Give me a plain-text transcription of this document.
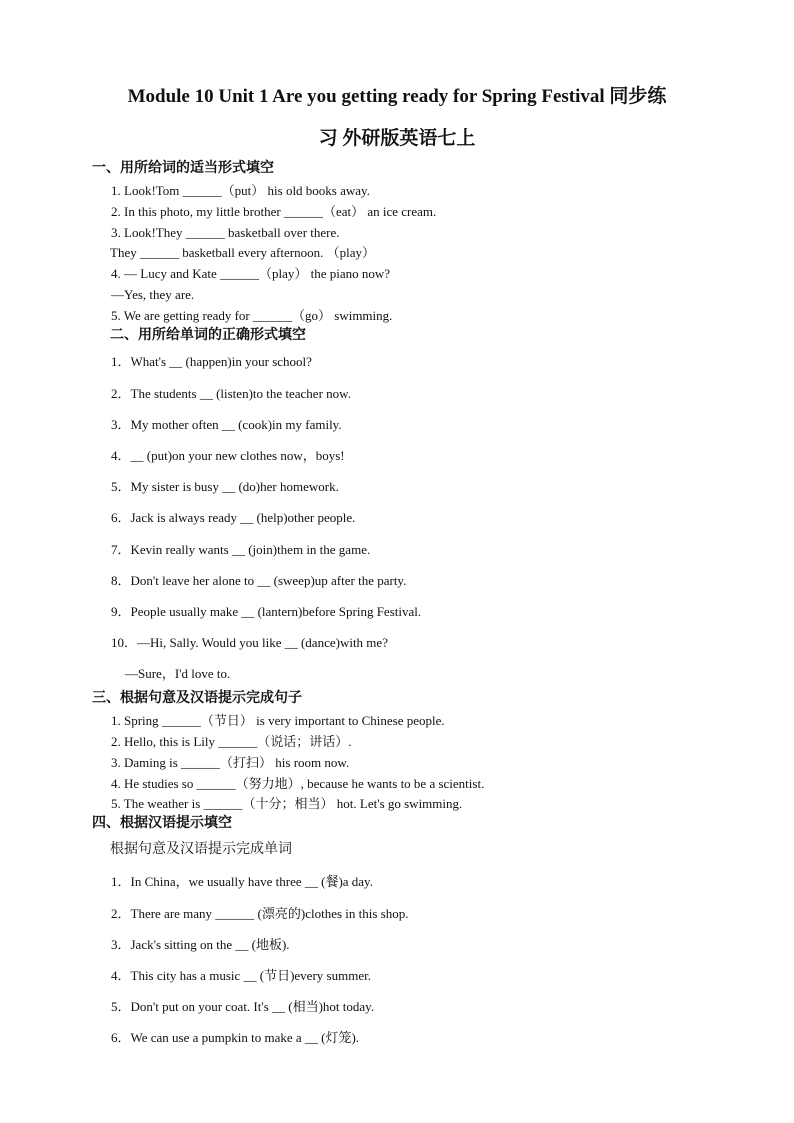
Module 10 Unit 1 Are you getting ready for Spring Festival 同步练
习 外研版英语七上
一、用所给词的适当形式填空
1. Look!Tom ______（put） his old books away.
2. In this photo, my little brother ______（eat） an ice cream.
3. Look!They ______ basketball over there.
They ______ basketball every afternoon. （play）
4. — Lucy and Kate ______（play） the piano now?
—Yes, they are.
5. We are getting ready for ______（go） swimming.
二、用所给单词的正确形式填空
1．What's __ (happen)in your school?
2．The students __ (listen)to the teacher now.
3．My mother often __ (cook)in my family.
4．__ (put)on your new clothes now，boys!
5．My sister is busy __ (do)her homework.
6．Jack is always ready __ (help)other people.
7．Kevin really wants __ (join)them in the game.
8．Don't leave her alone to __ (sweep)up after the party.
9．People usually make __ (lantern)before Spring Festival.
10．—Hi, Sally. Would you like __ (dance)with me?
—Sure，I'd love to.
三、根据句意及汉语提示完成句子
1. Spring ______（节日） is very important to Chinese people.
2. Hello, this is Lily ______（说话；讲话）.
3. Daming is ______（打扫） his room now.
4. He studies so ______（努力地）, because he wants to be a scientist.
5. The weather is ______（十分；相当） hot. Let's go swimming.
四、根据汉语提示填空
根据句意及汉语提示完成单词
1．In China，we usually have three __ (餐)a day.
2．There are many ______ (漂亮的)clothes in this shop.
3．Jack's sitting on the __ (地板).
4．This city has a music __ (节日)every summer.
5．Don't put on your coat. It's __ (相当)hot today.
6．We can use a pumpkin to make a __ (灯笼).
